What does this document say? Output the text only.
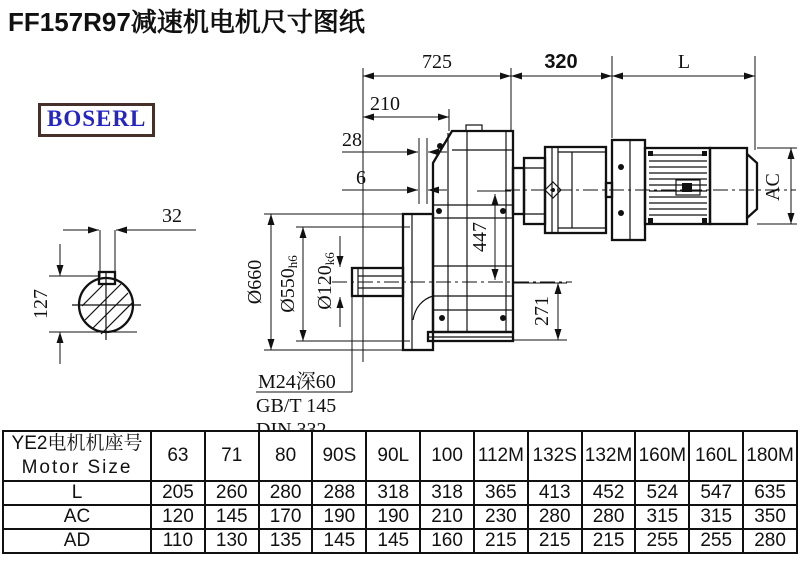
FF157R97减速机电机尺寸图纸
BOSERL
32
127
725	320	L
210
28
6
447
271
Ø660 Ø550h6
Ø120k6
AC
M24深60
GB/T 145
YE2电机机座号
Motor Size	63	71	80	90S	90L	100	112M	132S	132M	160M	160L	180M
L	205	260	280	288	318	318	365	413	452	524	547	635
AC	120	145	170	190	190	210	230	280	280	315	315	350
AD	110	130	135	145	145	160	215	215	215	255	255	280
